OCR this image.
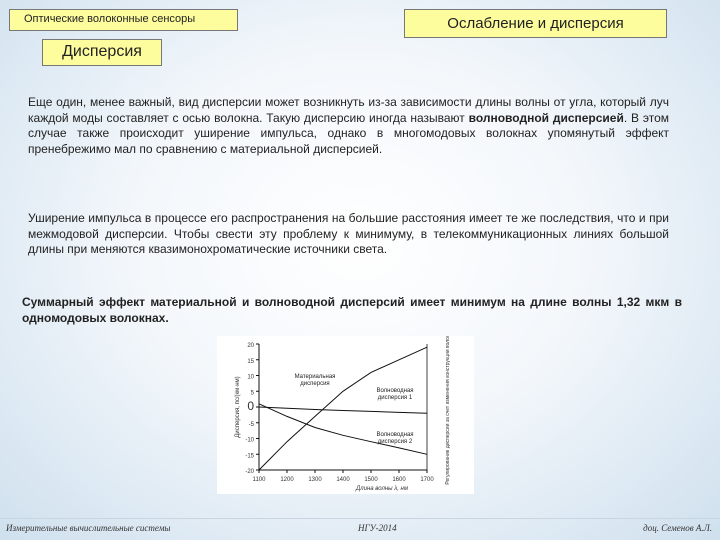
Оптические волоконные сенсоры	Ослабление и дисперсия
Дисперсия

Еще один, менее важный, вид дисперсии может возникнуть из-за зависимости длины волны от угла, который луч каждой моды составляет с осью волокна. Такую дисперсию иногда называют волноводной дисперсией. В этом случае также происходит уширение импульса, однако в многомодовых волокнах упомянутый эффект пренебрежимо мал по сравнению с материальной дисперсией.

Уширение импульса в процессе его распространения на большие расстояния имеет те же последствия, что и при межмодовой дисперсии. Чтобы свести эту проблему к минимуму, в телекоммуникационных линиях большой длины при меняются квазимонохроматические источники света.

Суммарный эффект материальной и волноводной дисперсий имеет минимум на длине волны 1,32 мкм в одномодовых волокнах.

20
15
10
5
0
-5
-10
-15
-20
1100 1200 1300 1400 1500 1600 1700
Длина волны λ, нм
Дисперсия, пс/(км·нм)	Регулирование дисперсии за счет изменения конструкции волокна
Материальная
дисперсия
Волноводная
дисперсия 1
Волноводная
дисперсия 2
Измерительные вычислительные системы	НГУ-2014	доц. Семенов А.Л.
